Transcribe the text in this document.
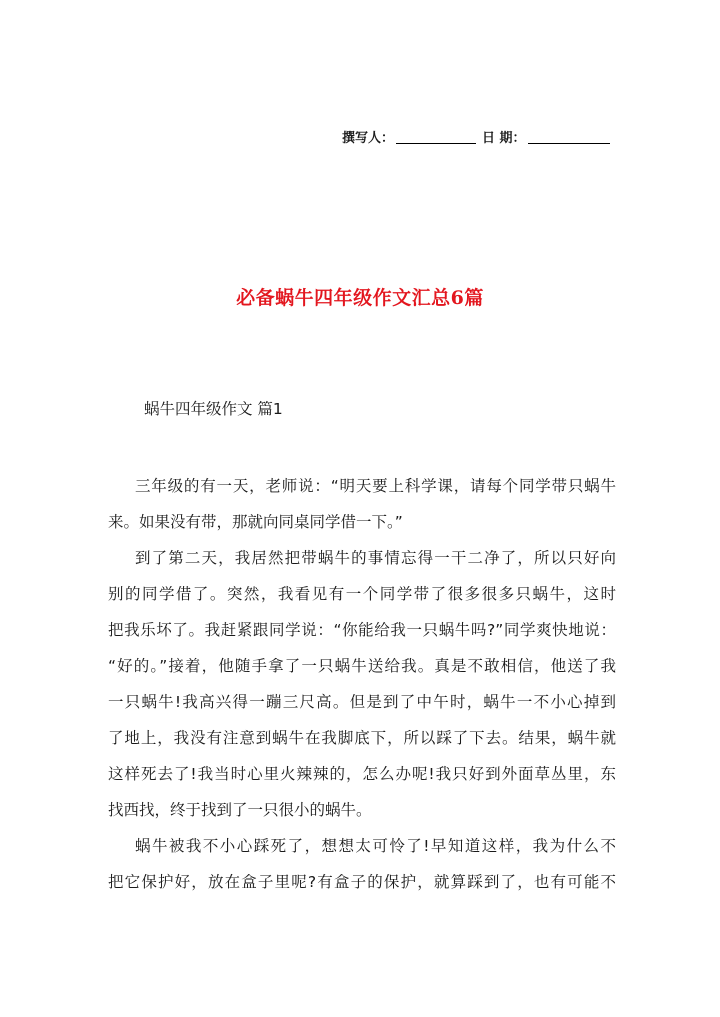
撰写人：	日 期：
必备蜗牛四年级作文汇总6篇
蜗牛四年级作文 篇1
三年级的有一天，老师说：“明天要上科学课，请每个同学带只蜗牛
来。如果没有带，那就向同桌同学借一下。”
到了第二天，我居然把带蜗牛的事情忘得一干二净了，所以只好向
别的同学借了。突然，我看见有一个同学带了很多很多只蜗牛，这时
把我乐坏了。我赶紧跟同学说：“你能给我一只蜗牛吗?”同学爽快地说：
“好的。”接着，他随手拿了一只蜗牛送给我。真是不敢相信，他送了我
一只蜗牛!我高兴得一蹦三尺高。但是到了中午时，蜗牛一不小心掉到
了地上，我没有注意到蜗牛在我脚底下，所以踩了下去。结果，蜗牛就
这样死去了!我当时心里火辣辣的，怎么办呢!我只好到外面草丛里，东
找西找，终于找到了一只很小的蜗牛。
蜗牛被我不小心踩死了，想想太可怜了!早知道这样，我为什么不
把它保护好，放在盒子里呢?有盒子的保护，就算踩到了，也有可能不
